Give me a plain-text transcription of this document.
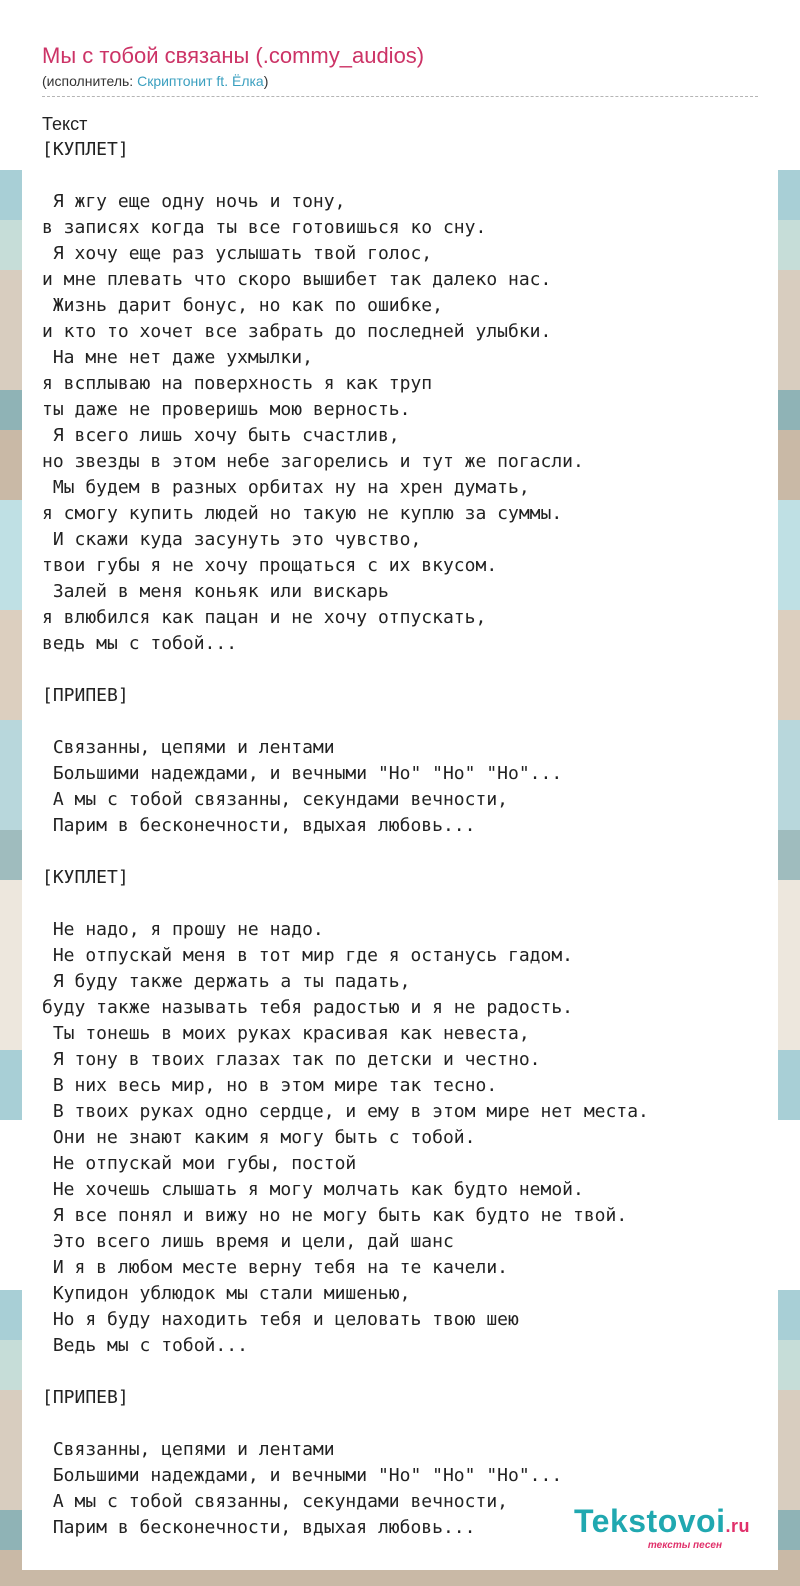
Мы с тобой связаны (.commy_audios)
(исполнитель: Скриптонит ft. Ёлка)
Текст
[КУПЛЕТ]

Я жгу еще одну ночь и тону,
в записях когда ты все готовишься ко сну.
Я хочу еще раз услышать твой голос,
и мне плевать что скоро вышибет так далеко нас.
Жизнь дарит бонус, но как по ошибке,
и кто то хочет все забрать до последней улыбки.
На мне нет даже ухмылки,
я всплываю на поверхность я как труп
ты даже не проверишь мою верность.
Я всего лишь хочу быть счастлив,
но звезды в этом небе загорелись и тут же погасли.
Мы будем в разных орбитах ну на хрен думать,
я смогу купить людей но такую не куплю за суммы.
И скажи куда засунуть это чувство,
твои губы я не хочу прощаться с их вкусом.
Залей в меня коньяк или вискарь
я влюбился как пацан и не хочу отпускать,
ведь мы с тобой...

[ПРИПЕВ]

Связанны, цепями и лентами
Большими надеждами, и вечными "Но" "Но" "Но"...
А мы с тобой связанны, секундами вечности,
Парим в бесконечности, вдыхая любовь...

[КУПЛЕТ]

Не надо, я прошу не надо.
Не отпускай меня в тот мир где я останусь гадом.
Я буду также держать а ты падать,
буду также называть тебя радостью и я не радость.
Ты тонешь в моих руках красивая как невеста,
Я тону в твоих глазах так по детски и честно.
В них весь мир, но в этом мире так тесно.
В твоих руках одно сердце, и ему в этом мире нет места.
Они не знают каким я могу быть с тобой.
Не отпускай мои губы, постой
Не хочешь слышать я могу молчать как будто немой.
Я все понял и вижу но не могу быть как будто не твой.
Это всего лишь время и цели, дай шанс
И я в любом месте верну тебя на те качели.
Купидон ублюдок мы стали мишенью,
Но я буду находить тебя и целовать твою шею
Ведь мы с тобой...

[ПРИПЕВ]

Связанны, цепями и лентами
Большими надеждами, и вечными "Но" "Но" "Но"...
А мы с тобой связанны, секундами вечности,
Парим в бесконечности, вдыхая любовь...	Tekstovoi.ru
тексты песен
